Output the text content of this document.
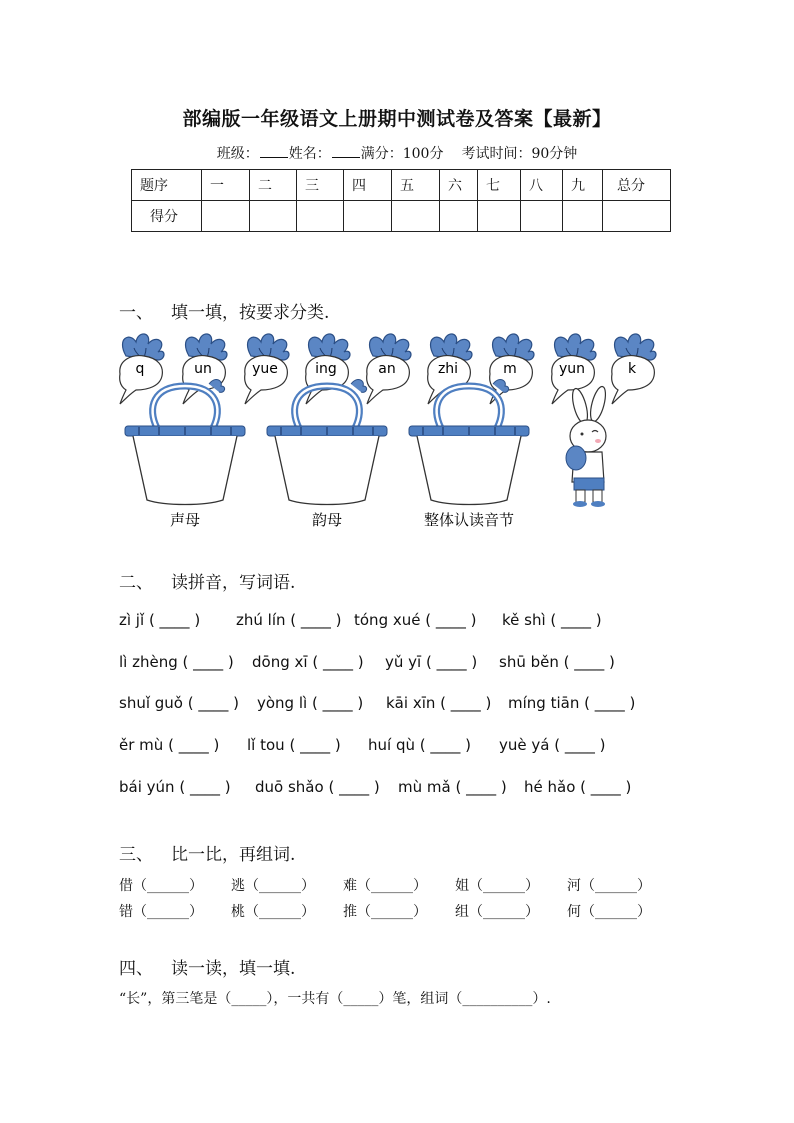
部编版一年级语文上册期中测试卷及答案【最新】
班级： 姓名： 满分：100分 考试时间：90分钟
题序	一	二	三	四	五	六	七	八	九	总分
得分										
一、 填一填，按要求分类.
q	un	yue	ing	an	zhi	m	yun	k
声母	韵母	整体认读音节
二、 读拼音，写词语.
zì jǐ ( ____ ) zhú lín ( ____ ) tóng xué ( ____ ) kě shì ( ____ )
lì zhèng ( ____ ) dōng xī ( ____ ) yǔ yī ( ____ ) shū běn ( ____ )
shuǐ guǒ ( ____ ) yòng lì ( ____ ) kāi xīn ( ____ ) míng tiān ( ____ )
ěr mù ( ____ ) lǐ tou ( ____ ) huí qù ( ____ ) yuè yá ( ____ )
bái yún ( ____ ) duō shǎo ( ____ ) mù mǎ ( ____ ) hé hǎo ( ____ )
三、 比一比，再组词.
借（______） 逃（______） 难（______） 姐（______） 河（______）
错（______） 桃（______） 推（______） 组（______） 何（______）
四、 读一读，填一填.
“长”，第三笔是（_____），一共有（_____）笔，组词（__________）.
